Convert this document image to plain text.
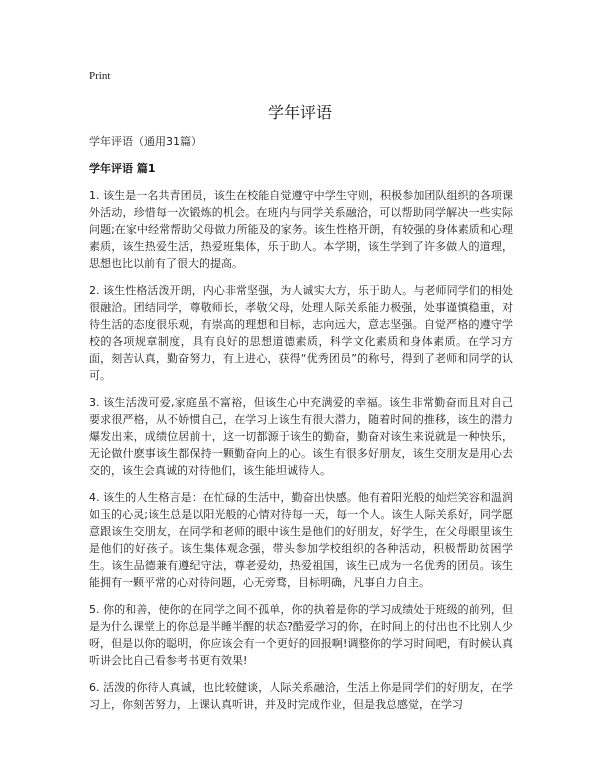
Print
学年评语
学年评语（通用31篇）
学年评语 篇1

1. 该生是一名共青团员，该生在校能自觉遵守中学生守则，积极参加团队组织的各项课外活动，珍惜每一次锻炼的机会。在班内与同学关系融洽，可以帮助同学解决一些实际问题;在家中经常帮助父母做力所能及的家务。该生性格开朗，有较强的身体素质和心理素质，该生热爱生活，热爱班集体，乐于助人。本学期，该生学到了许多做人的道理，思想也比以前有了很大的提高。

2. 该生性格活泼开朗，内心非常坚强，为人诚实大方，乐于助人。与老师同学们的相处很融洽。团结同学，尊敬师长，孝敬父母，处理人际关系能力极强，处事谨慎稳重，对待生活的态度很乐观，有崇高的理想和目标，志向远大，意志坚强。自觉严格的遵守学校的各项规章制度，具有良好的思想道德素质，科学文化素质和身体素质。在学习方面，刻苦认真，勤奋努力，有上进心，获得“优秀团员”的称号，得到了老师和同学的认可。

3. 该生活泼可爱,家庭虽不富裕，但该生心中充满爱的幸福。该生非常勤奋而且对自己要求很严格，从不娇惯自己，在学习上该生有很大潜力，随着时间的推移，该生的潜力爆发出来，成绩位居前十，这一切都源于该生的勤奋，勤奋对该生来说就是一种快乐，无论做什麽事该生都保持一颗勤奋向上的心。该生有很多好朋友，该生交朋友是用心去交的，该生会真诚的对待他们，该生能坦诚待人。

4. 该生的人生格言是：在忙碌的生活中，勤奋出快感。他有着阳光般的灿烂笑容和温润如玉的心灵;该生总是以阳光般的心情对待每一天，每一个人。该生人际关系好，同学愿意跟该生交朋友，在同学和老师的眼中该生是他们的好朋友，好学生，在父母眼里该生是他们的好孩子。该生集体观念强，带头参加学校组织的各种活动，积极帮助贫困学生。该生品德兼有遵纪守法，尊老爱幼，热爱祖国，该生已成为一名优秀的团员。该生能拥有一颗平常的心对待问题，心无旁骛，目标明确，凡事自力自主。

5. 你的和善，使你的在同学之间不孤单，你的执着是你的学习成绩处于班级的前列，但是为什么课堂上的你总是半睡半醒的状态?酷爱学习的你，在时间上的付出也不比别人少呀，但是以你的聪明，你应该会有一个更好的回报啊!调整你的学习时间吧，有时候认真听讲会比自己看参考书更有效果!

6. 活泼的你待人真诚，也比较健谈，人际关系融洽，生活上你是同学们的好朋友，在学习上，你刻苦努力，上课认真听讲，并及时完成作业，但是我总感觉，在学习
